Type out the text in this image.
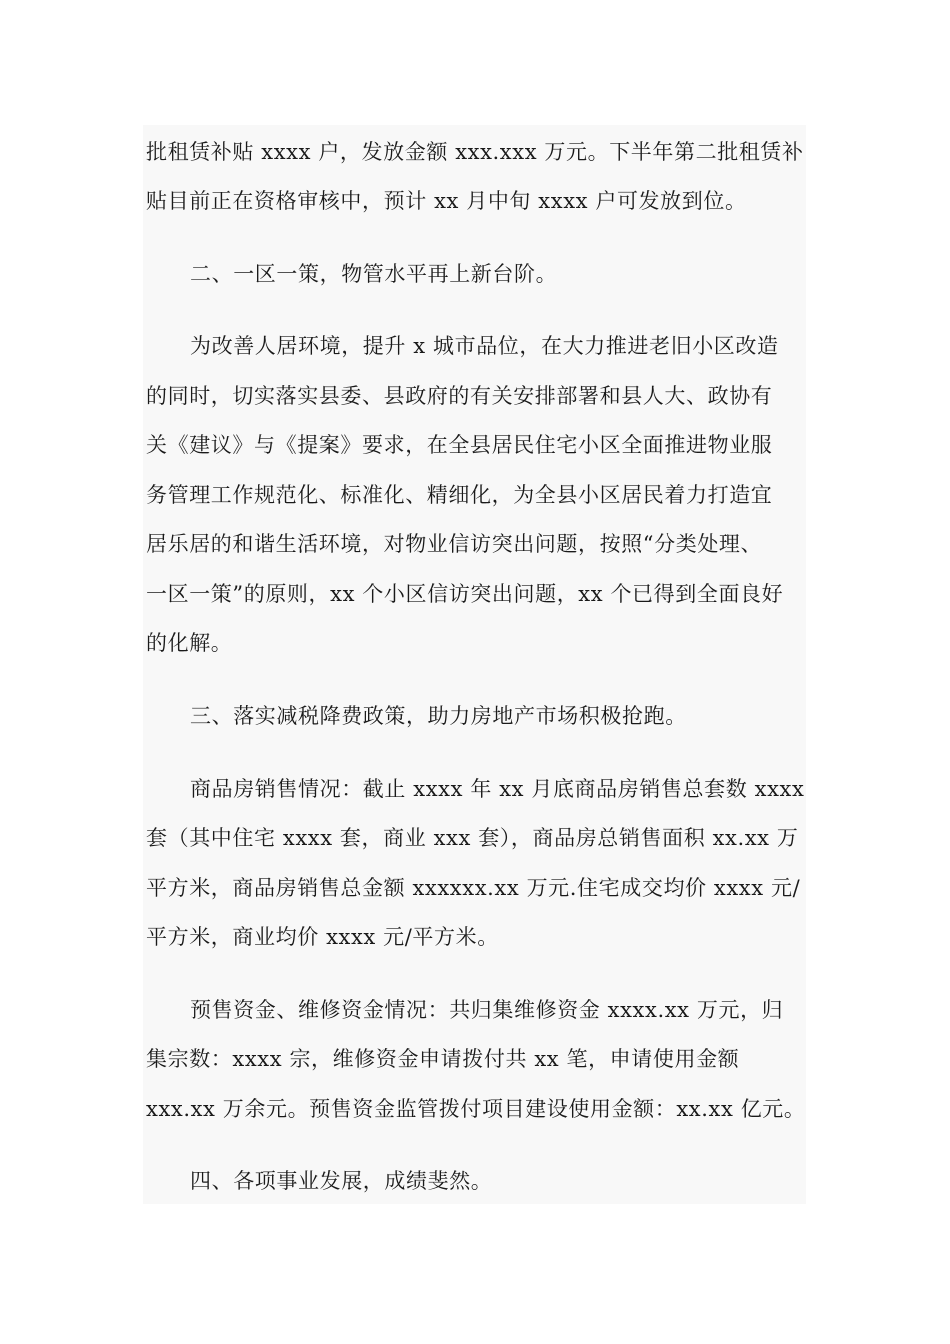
批租赁补贴 xxxx 户，发放金额 xxx.xxx 万元。下半年第二批租赁补
贴目前正在资格审核中，预计 xx 月中旬 xxxx 户可发放到位。
二、一区一策，物管水平再上新台阶。
为改善人居环境，提升 x 城市品位，在大力推进老旧小区改造
的同时，切实落实县委、县政府的有关安排部署和县人大、政协有
关《建议》与《提案》要求，在全县居民住宅小区全面推进物业服
务管理工作规范化、标准化、精细化，为全县小区居民着力打造宜
居乐居的和谐生活环境，对物业信访突出问题，按照“分类处理、
一区一策”的原则，xx 个小区信访突出问题，xx 个已得到全面良好
的化解。
三、落实减税降费政策，助力房地产市场积极抢跑。
商品房销售情况：截止 xxxx 年 xx 月底商品房销售总套数 xxxx
套（其中住宅 xxxx 套，商业 xxx 套），商品房总销售面积 xx.xx 万
平方米，商品房销售总金额 xxxxxx.xx 万元.住宅成交均价 xxxx 元/
平方米，商业均价 xxxx 元/平方米。
预售资金、维修资金情况：共归集维修资金 xxxx.xx 万元，归
集宗数：xxxx 宗，维修资金申请拨付共 xx 笔，申请使用金额
xxx.xx 万余元。预售资金监管拨付项目建设使用金额：xx.xx 亿元。
四、各项事业发展，成绩斐然。
